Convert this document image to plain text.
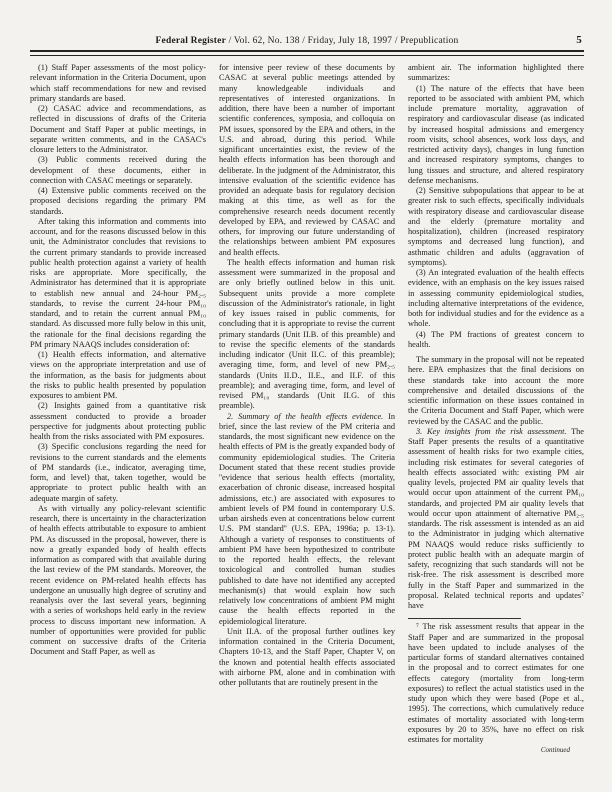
Federal Register / Vol. 62, No. 138 / Friday, July 18, 1997 / Prepublication	5

(1) Staff Paper assessments of the most policy-relevant information in the Criteria Document, upon which staff recommendations for new and revised primary standards are based.

(2) CASAC advice and recommendations, as reflected in discussions of drafts of the Criteria Document and Staff Paper at public meetings, in separate written comments, and in the CASAC's closure letters to the Administrator.

(3) Public comments received during the development of these documents, either in connection with CASAC meetings or separately.

(4) Extensive public comments received on the proposed decisions regarding the primary PM standards.

After taking this information and comments into account, and for the reasons discussed below in this unit, the Administrator concludes that revisions to the current primary standards to provide increased public health protection against a variety of health risks are appropriate. More specifically, the Administrator has determined that it is appropriate to establish new annual and 24-hour PM₂.₅ standards, to revise the current 24-hour PM₁₀ standard, and to retain the current annual PM₁₀ standard. As discussed more fully below in this unit, the rationale for the final decisions regarding the PM primary NAAQS includes consideration of:

(1) Health effects information, and alternative views on the appropriate interpretation and use of the information, as the basis for judgments about the risks to public health presented by population exposures to ambient PM.

(2) Insights gained from a quantitative risk assessment conducted to provide a broader perspective for judgments about protecting public health from the risks associated with PM exposures.

(3) Specific conclusions regarding the need for revisions to the current standards and the elements of PM standards (i.e., indicator, averaging time, form, and level) that, taken together, would be appropriate to protect public health with an adequate margin of safety.

As with virtually any policy-relevant scientific research, there is uncertainty in the characterization of health effects attributable to exposure to ambient PM. As discussed in the proposal, however, there is now a greatly expanded body of health effects information as compared with that available during the last review of the PM standards. Moreover, the recent evidence on PM-related health effects has undergone an unusually high degree of scrutiny and reanalysis over the last several years, beginning with a series of workshops held early in the review process to discuss important new information. A number of opportunities were provided for public comment on successive drafts of the Criteria Document and Staff Paper, as well as

for intensive peer review of these documents by CASAC at several public meetings attended by many knowledgeable individuals and representatives of interested organizations. In addition, there have been a number of important scientific conferences, symposia, and colloquia on PM issues, sponsored by the EPA and others, in the U.S. and abroad, during this period. While significant uncertainties exist, the review of the health effects information has been thorough and deliberate. In the judgment of the Administrator, this intensive evaluation of the scientific evidence has provided an adequate basis for regulatory decision making at this time, as well as for the comprehensive research needs document recently developed by EPA, and reviewed by CASAC and others, for improving our future understanding of the relationships between ambient PM exposures and health effects.

The health effects information and human risk assessment were summarized in the proposal and are only briefly outlined below in this unit. Subsequent units provide a more complete discussion of the Administrator's rationale, in light of key issues raised in public comments, for concluding that it is appropriate to revise the current primary standards (Unit II.B. of this preamble) and to revise the specific elements of the standards including indicator (Unit II.C. of this preamble); averaging time, form, and level of new PM₂.₅ standards (Units II.D., II.E., and II.F. of this preamble); and averaging time, form, and level of revised PM₁₀ standards (Unit II.G. of this preamble).

2. Summary of the health effects evidence. In brief, since the last review of the PM criteria and standards, the most significant new evidence on the health effects of PM is the greatly expanded body of community epidemiological studies. The Criteria Document stated that these recent studies provide ''evidence that serious health effects (mortality, exacerbation of chronic disease, increased hospital admissions, etc.) are associated with exposures to ambient levels of PM found in contemporary U.S. urban airsheds even at concentrations below current U.S. PM standard'' (U.S. EPA, 1996a; p. 13-1). Although a variety of responses to constituents of ambient PM have been hypothesized to contribute to the reported health effects, the relevant toxicological and controlled human studies published to date have not identified any accepted mechanism(s) that would explain how such relatively low concentrations of ambient PM might cause the health effects reported in the epidemiological literature.

Unit II.A. of the proposal further outlines key information contained in the Criteria Document, Chapters 10-13, and the Staff Paper, Chapter V, on the known and potential health effects associated with airborne PM, alone and in combination with other pollutants that are routinely present in the

ambient air. The information highlighted there summarizes:

(1) The nature of the effects that have been reported to be associated with ambient PM, which include premature mortality, aggravation of respiratory and cardiovascular disease (as indicated by increased hospital admissions and emergency room visits, school absences, work loss days, and restricted activity days), changes in lung function and increased respiratory symptoms, changes to lung tissues and structure, and altered respiratory defense mechanisms.

(2) Sensitive subpopulations that appear to be at greater risk to such effects, specifically individuals with respiratory disease and cardiovascular disease and the elderly (premature mortality and hospitalization), children (increased respiratory symptoms and decreased lung function), and asthmatic children and adults (aggravation of symptoms).

(3) An integrated evaluation of the health effects evidence, with an emphasis on the key issues raised in assessing community epidemiological studies, including alternative interpretations of the evidence, both for individual studies and for the evidence as a whole.

(4) The PM fractions of greatest concern to health.

The summary in the proposal will not be repeated here. EPA emphasizes that the final decisions on these standards take into account the more comprehensive and detailed discussions of the scientific information on these issues contained in the Criteria Document and Staff Paper, which were reviewed by the CASAC and the public.

3. Key insights from the risk assessment. The Staff Paper presents the results of a quantitative assessment of health risks for two example cities, including risk estimates for several categories of health effects associated with: existing PM air quality levels, projected PM air quality levels that would occur upon attainment of the current PM₁₀ standards, and projected PM air quality levels that would occur upon attainment of alternative PM₂.₅ standards. The risk assessment is intended as an aid to the Administrator in judging which alternative PM NAAQS would reduce risks sufficiently to protect public health with an adequate margin of safety, recognizing that such standards will not be risk-free. The risk assessment is described more fully in the Staff Paper and summarized in the proposal. Related technical reports and updates⁷ have

⁷ The risk assessment results that appear in the Staff Paper and are summarized in the proposal have been updated to include analyses of the particular forms of standard alternatives contained in the proposal and to correct estimates for one effects category (mortality from long-term exposures) to reflect the actual statistics used in the study upon which they were based (Pope et al., 1995). The corrections, which cumulatively reduce estimates of mortality associated with long-term exposures by 20 to 35%, have no effect on risk estimates for mortality

Continued
